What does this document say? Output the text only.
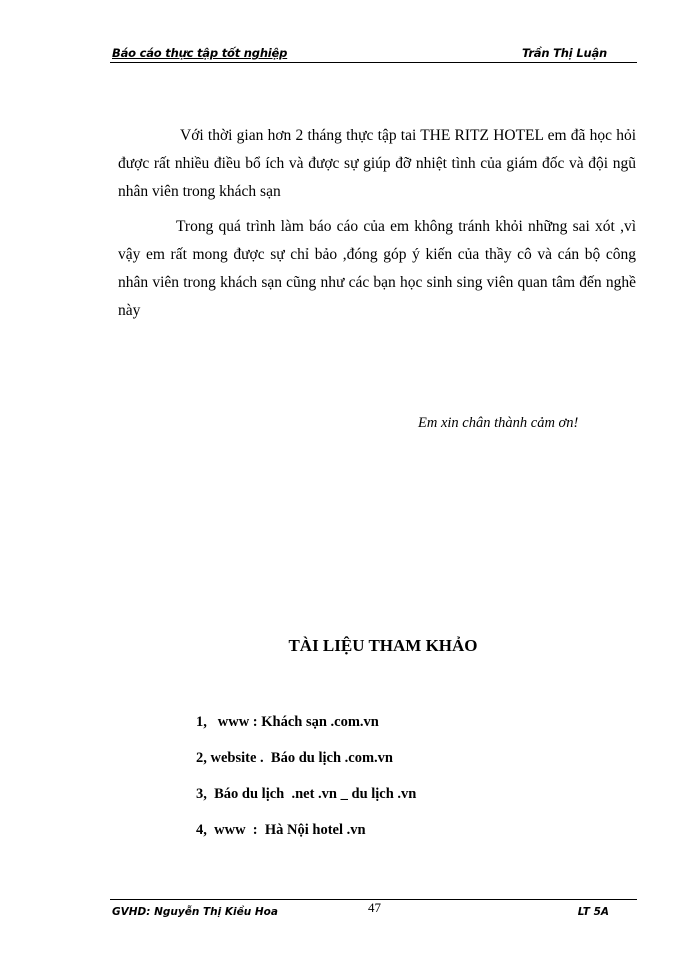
Báo cáo thực tập tốt nghiệp	Trần Thị Luận
Với thời gian hơn 2 tháng thực tập tai THE RITZ HOTEL em đã học hỏi được rất nhiều điều bổ ích và được sự giúp đỡ nhiệt tình của giám đốc và đội ngũ nhân viên trong khách sạn
Trong quá trình làm báo cáo của em không tránh khỏi những sai xót ,vì vậy em rất mong được sự chỉ bảo ,đóng góp ý kiến của thầy cô và cán bộ công nhân viên trong khách sạn cũng như các bạn học sinh sing viên quan tâm đến nghề này
Em xin chân thành cảm ơn!
TÀI LIỆU THAM KHẢO
1,   www : Khách sạn .com.vn
2, website .  Báo du lịch .com.vn
3,  Báo du lịch  .net .vn _ du lịch .vn
4,  www  :  Hà Nội hotel .vn
GVHD: Nguyễn Thị Kiều Hoa	47	LT 5A
